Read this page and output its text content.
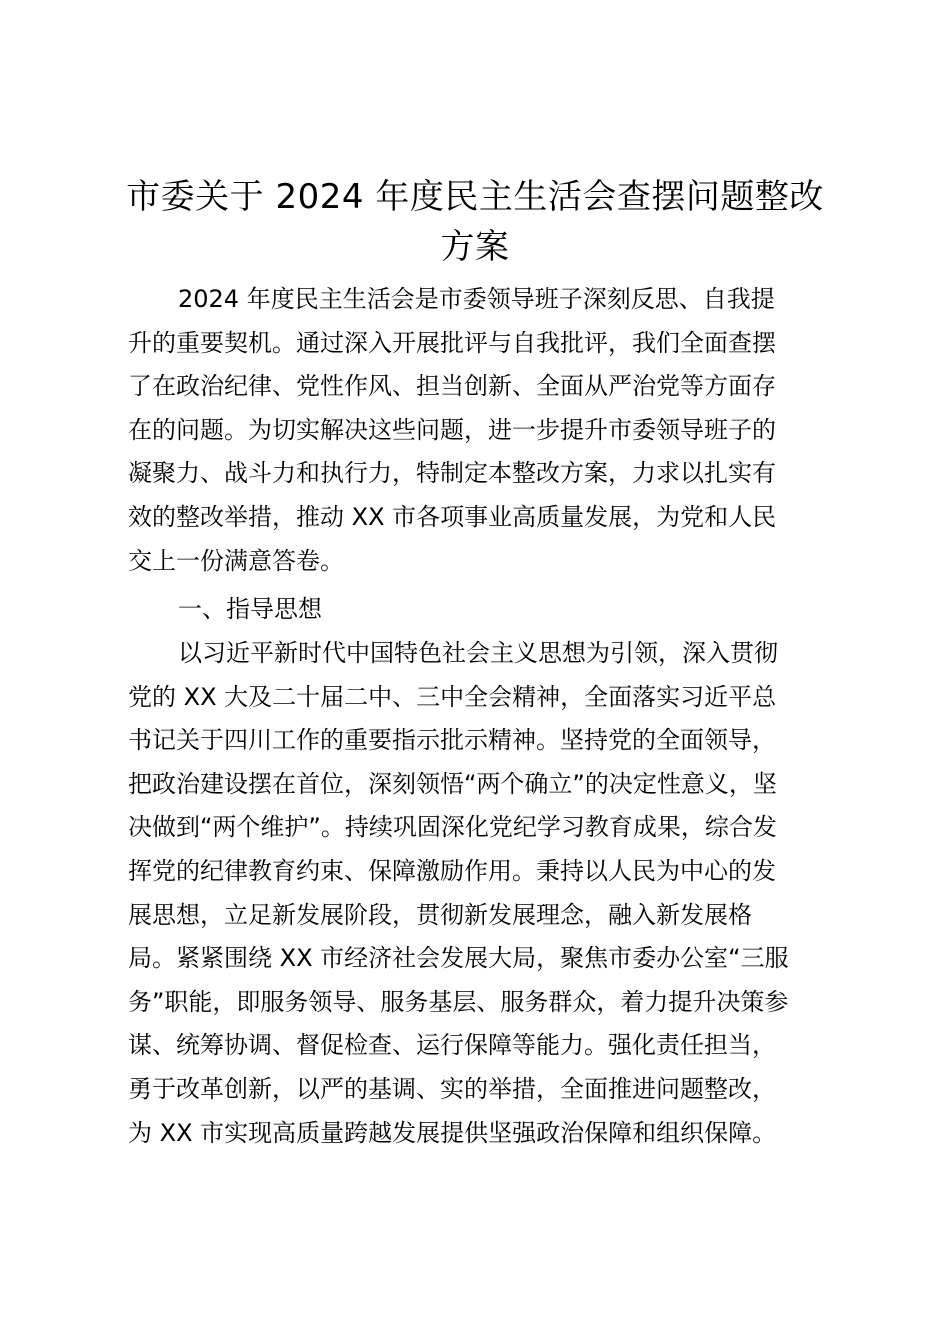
市委关于 2024 年度民主生活会查摆问题整改
方案
2024 年度民主生活会是市委领导班子深刻反思、自我提
升的重要契机。通过深入开展批评与自我批评，我们全面查摆
了在政治纪律、党性作风、担当创新、全面从严治党等方面存
在的问题。为切实解决这些问题，进一步提升市委领导班子的
凝聚力、战斗力和执行力，特制定本整改方案，力求以扎实有
效的整改举措，推动 XX 市各项事业高质量发展，为党和人民
交上一份满意答卷。
一、指导思想
以习近平新时代中国特色社会主义思想为引领，深入贯彻
党的 XX 大及二十届二中、三中全会精神，全面落实习近平总
书记关于四川工作的重要指示批示精神。坚持党的全面领导，
把政治建设摆在首位，深刻领悟“两个确立”的决定性意义，坚
决做到“两个维护”。持续巩固深化党纪学习教育成果，综合发
挥党的纪律教育约束、保障激励作用。秉持以人民为中心的发
展思想，立足新发展阶段，贯彻新发展理念，融入新发展格
局。紧紧围绕 XX 市经济社会发展大局，聚焦市委办公室“三服
务”职能，即服务领导、服务基层、服务群众，着力提升决策参
谋、统筹协调、督促检查、运行保障等能力。强化责任担当，
勇于改革创新，以严的基调、实的举措，全面推进问题整改，
为 XX 市实现高质量跨越发展提供坚强政治保障和组织保障。
